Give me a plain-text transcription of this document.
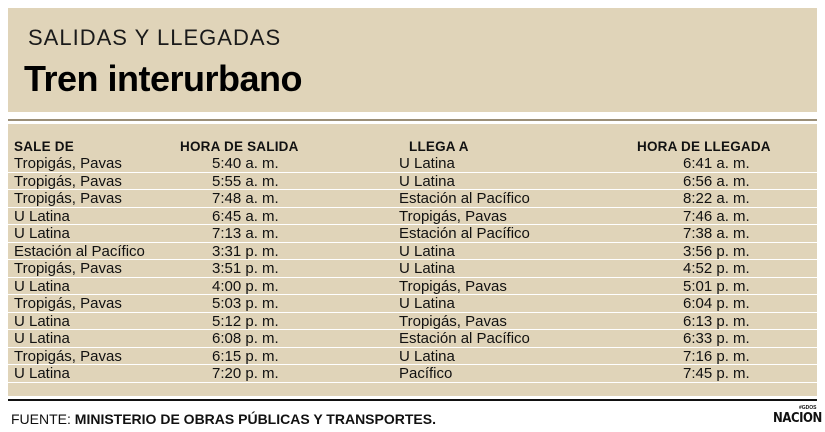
SALIDAS Y LLEGADAS
Tren interurbano
SALE DE	HORA DE SALIDA	LLEGA A	HORA DE LLEGADA
Tropigás, Pavas	5:40 a. m.	U Latina	6:41 a. m.
Tropigás, Pavas	5:55 a. m.	U Latina	6:56 a. m.
Tropigás, Pavas	7:48 a. m.	Estación al Pacífico	8:22 a. m.
U Latina	6:45 a. m.	Tropigás, Pavas	7:46 a. m.
U Latina	7:13 a. m.	Estación al Pacífico	7:38 a. m.
Estación al Pacífico	3:31 p. m.	U Latina	3:56 p. m.
Tropigás, Pavas	3:51 p. m.	U Latina	4:52 p. m.
U Latina	4:00 p. m.	Tropigás, Pavas	5:01 p. m.
Tropigás, Pavas	5:03 p. m.	U Latina	6:04 p. m.
U Latina	5:12 p. m.	Tropigás, Pavas	6:13 p. m.
U Latina	6:08 p. m.	Estación al Pacífico	6:33 p. m.
Tropigás, Pavas	6:15 p. m.	U Latina	7:16 p. m.
U Latina	7:20 p. m.	Pacífico	7:45 p. m.
FUENTE: MINISTERIO DE OBRAS PÚBLICAS Y TRANSPORTES.
#GDOS
NACION
